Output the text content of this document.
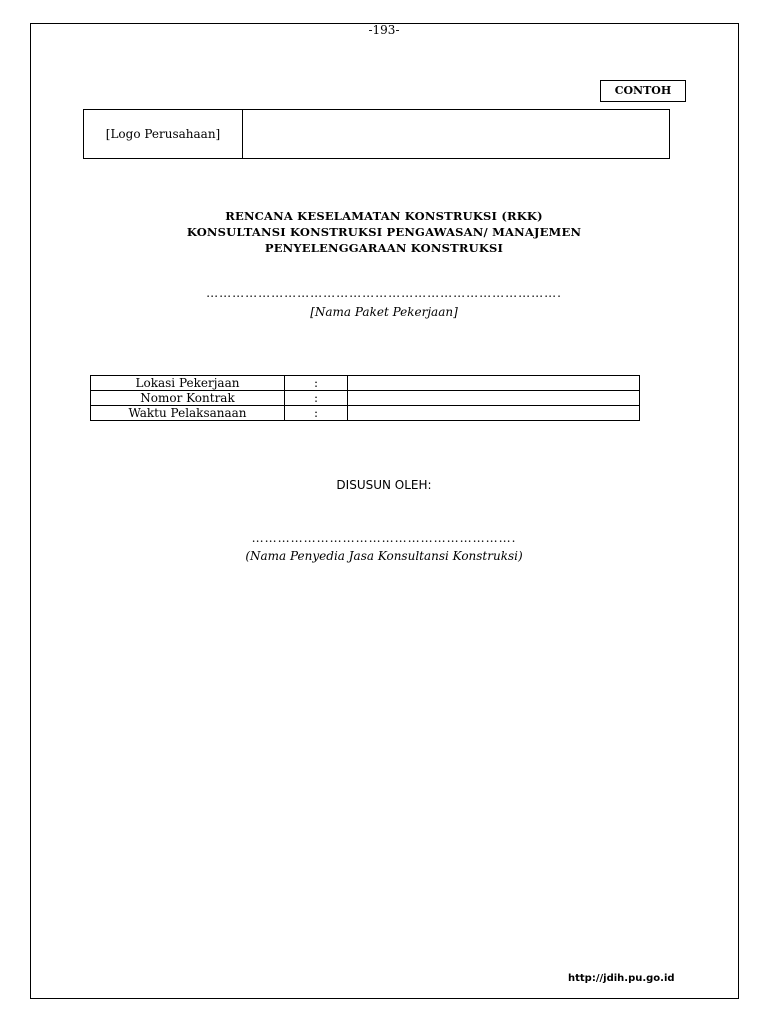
-193-
CONTOH
[Logo Perusahaan]
RENCANA KESELAMATAN KONSTRUKSI (RKK)
KONSULTANSI KONSTRUKSI PENGAWASAN/ MANAJEMEN
PENYELENGGARAAN KONSTRUKSI
……………………………………………………………………….
[Nama Paket Pekerjaan]
Lokasi Pekerjaan	:	
Nomor Kontrak	:	
Waktu Pelaksanaan	:	
DISUSUN OLEH:
…………………………………………………….
(Nama Penyedia Jasa Konsultansi Konstruksi)
http://jdih.pu.go.id
